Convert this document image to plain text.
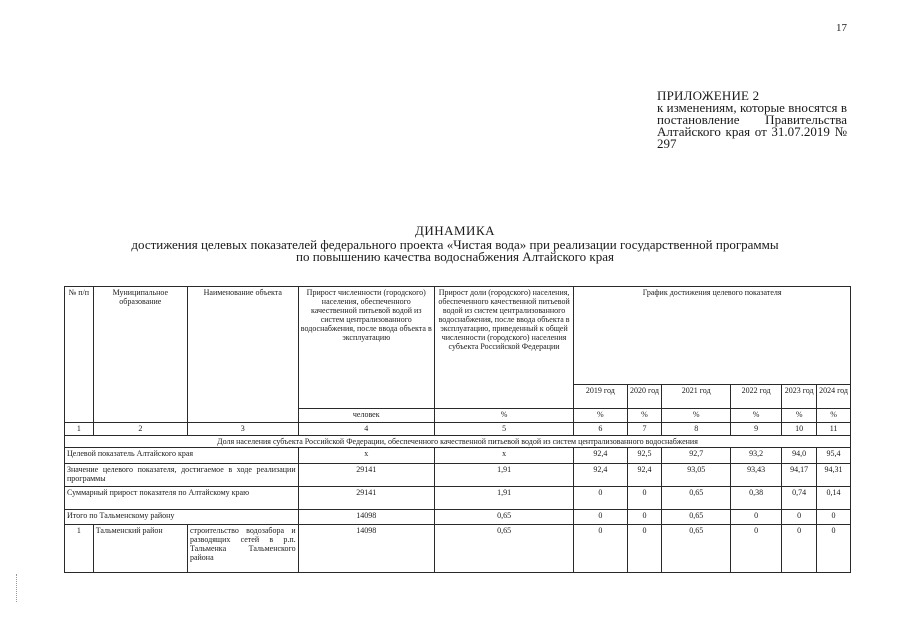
17
ПРИЛОЖЕНИЕ 2
к изменениям, которые вносятся в постановление Правительства Алтайского края от 31.07.2019 № 297
ДИНАМИКА
достижения целевых показателей федерального проекта «Чистая вода» при реализации государственной программы
по повышению качества водоснабжения Алтайского края
№ п/п	Муниципальное образование	Наименование объекта	Прирост численности (городского) населения, обеспеченного качественной питьевой водой из систем централизованного водоснабжения, после ввода объекта в эксплуатацию	Прирост доли (городского) населения, обеспеченного качественной питьевой водой из систем централизованного водоснабжения, после ввода объекта в эксплуатацию, приведенный к общей численности (городского) населения субъекта Российской Федерации	График достижения целевого показателя					
					2019 год	2020 год	2021 год	2022 год	2023 год	2024 год
			человек	%	%	%	%	%	%	%
1	2	3	4	5	6	7	8	9	10	11
Доля населения субъекта Российской Федерации, обеспеченного качественной питьевой водой из систем централизованного водоснабжения										
Целевой показатель Алтайского края			x	x	92,4	92,5	92,7	93,2	94,0	95,4
Значение целевого показателя, достигаемое в ходе реализации программы			29141	1,91	92,4	92,4	93,05	93,43	94,17	94,31
Суммарный прирост показателя по Алтайскому краю			29141	1,91	0	0	0,65	0,38	0,74	0,14
Итого по Тальменскому району			14098	0,65	0	0	0,65	0	0	0
1	Тальменский район	строительство водозабора и разводящих сетей в р.п. Тальменка Тальменского района	14098	0,65	0	0	0,65	0	0	0
